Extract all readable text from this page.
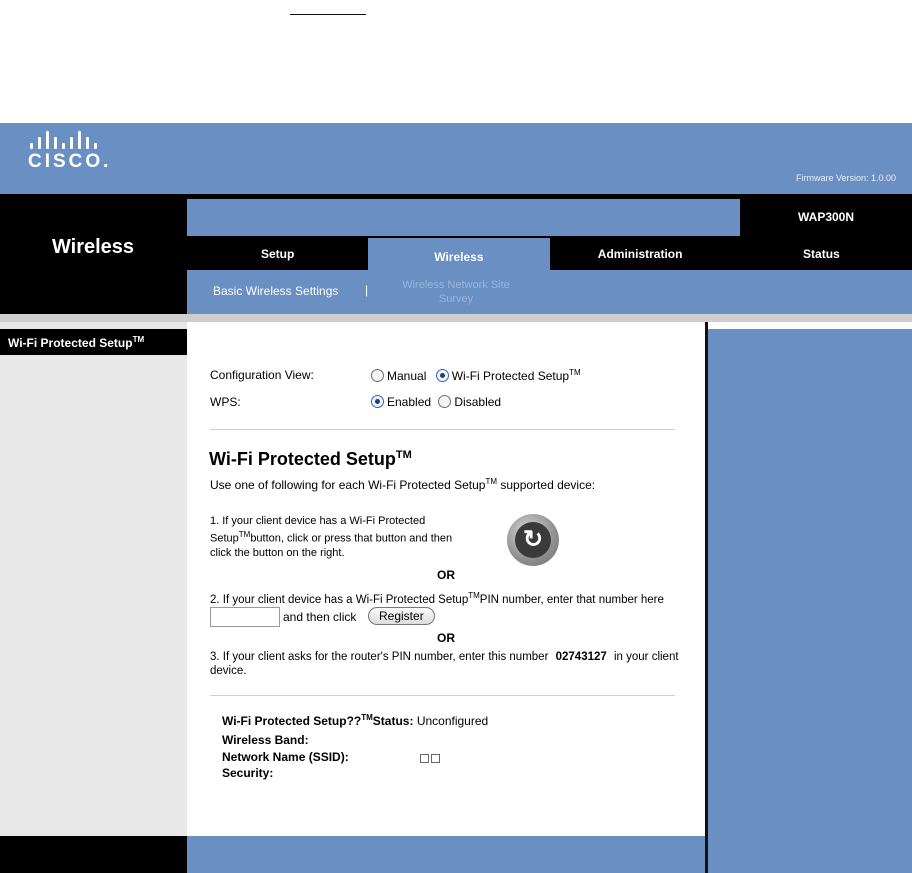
CISCO.
Firmware Version: 1.0.00
Wireless
WAP300N
Setup	Wireless	Administration	Status
Basic Wireless Settings |	Wireless Network Site Survey
Wi-Fi Protected Setup™
Configuration View:	Manual Wi-Fi Protected Setup™
WPS:	Enabled Disabled
Wi-Fi Protected Setup™
Use one of following for each Wi-Fi Protected Setup™ supported device:
1. If your client device has a Wi-Fi Protected
Setup™button, click or press that button and then
click the button on the right.	↻
OR
2. If your client device has a Wi-Fi Protected Setup™PIN number, enter that number here
and then click	Register
OR
3. If your client asks for the router's PIN number, enter this number 02743127 in your client
device.
Wi-Fi Protected Setup??™Status: Unconfigured
Wireless Band:
Network Name (SSID):
Security:
